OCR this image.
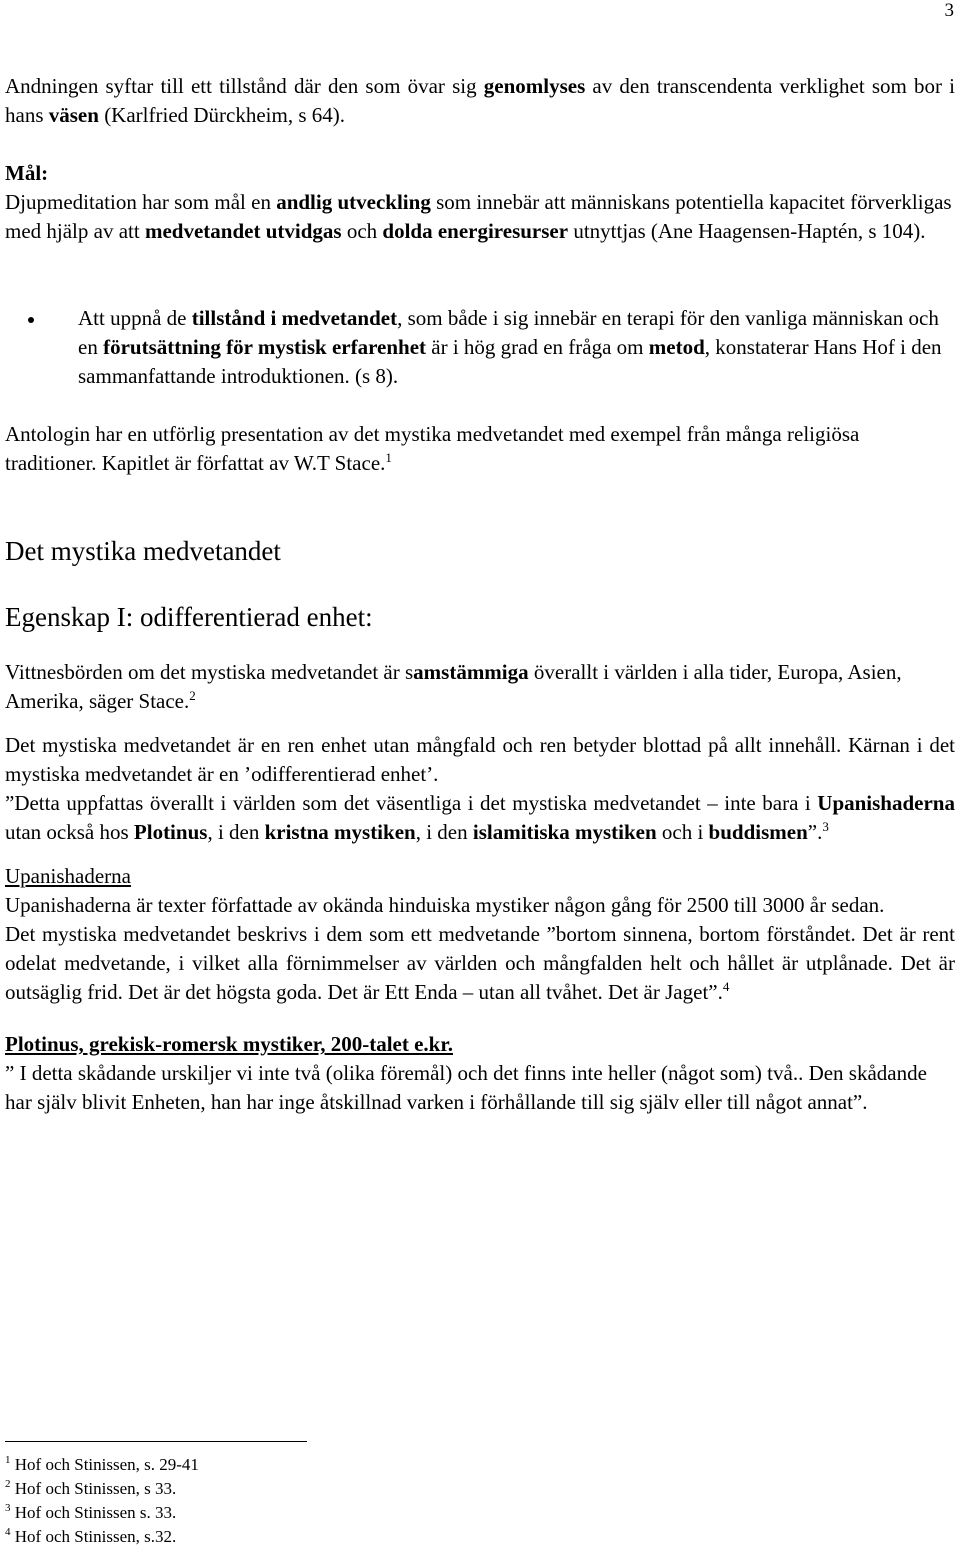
3

Andningen syftar till ett tillstånd där den som övar sig genomlyses av den transcendenta verklighet som bor i hans väsen (Karlfried Dürckheim, s 64).

Mål:
Djupmeditation har som mål en andlig utveckling som innebär att människans potentiella kapacitet förverkligas med hjälp av att medvetandet utvidgas och dolda energiresurser utnyttjas (Ane Haagensen-Haptén, s 104).

Att uppnå de tillstånd i medvetandet, som både i sig innebär en terapi för den vanliga människan och en förutsättning för mystisk erfarenhet är i hög grad en fråga om metod, konstaterar Hans Hof i den sammanfattande introduktionen. (s 8).

Antologin har en utförlig presentation av det mystika medvetandet med exempel från många religiösa traditioner. Kapitlet är författat av W.T Stace.$^1$

Det mystika medvetandet
Egenskap I: odifferentierad enhet:

Vittnesbörden om det mystiska medvetandet är samstämmiga överallt i världen i alla tider, Europa, Asien, Amerika, säger Stace.$^2$

Det mystiska medvetandet är en ren enhet utan mångfald och ren betyder blottad på allt innehåll. Kärnan i det mystiska medvetandet är en ’odifferentierad enhet’.
”Detta uppfattas överallt i världen som det väsentliga i det mystiska medvetandet – inte bara i Upanishaderna utan också hos Plotinus, i den kristna mystiken, i den islamitiska mystiken och i buddismen”.$^3$

Upanishaderna

Upanishaderna är texter författade av okända hinduiska mystiker någon gång för 2500 till 3000 år sedan.

Det mystiska medvetandet beskrivs i dem som ett medvetande ”bortom sinnena, bortom förståndet. Det är rent odelat medvetande, i vilket alla förnimmelser av världen och mångfalden helt och hållet är utplånade. Det är outsäglig frid. Det är det högsta goda. Det är Ett Enda – utan all tvåhet. Det är Jaget”.$^4$

Plotinus, grekisk-romersk mystiker, 200-talet e.kr.

” I detta skådande urskiljer vi inte två (olika föremål) och det finns inte heller (något som) två.. Den skådande har själv blivit Enheten, han har inge åtskillnad varken i förhållande till sig själv eller till något annat”.

$^1$ Hof och Stinissen, s. 29-41
$^2$ Hof och Stinissen, s 33.
$^3$ Hof och Stinissen s. 33.
$^4$ Hof och Stinissen, s.32.
